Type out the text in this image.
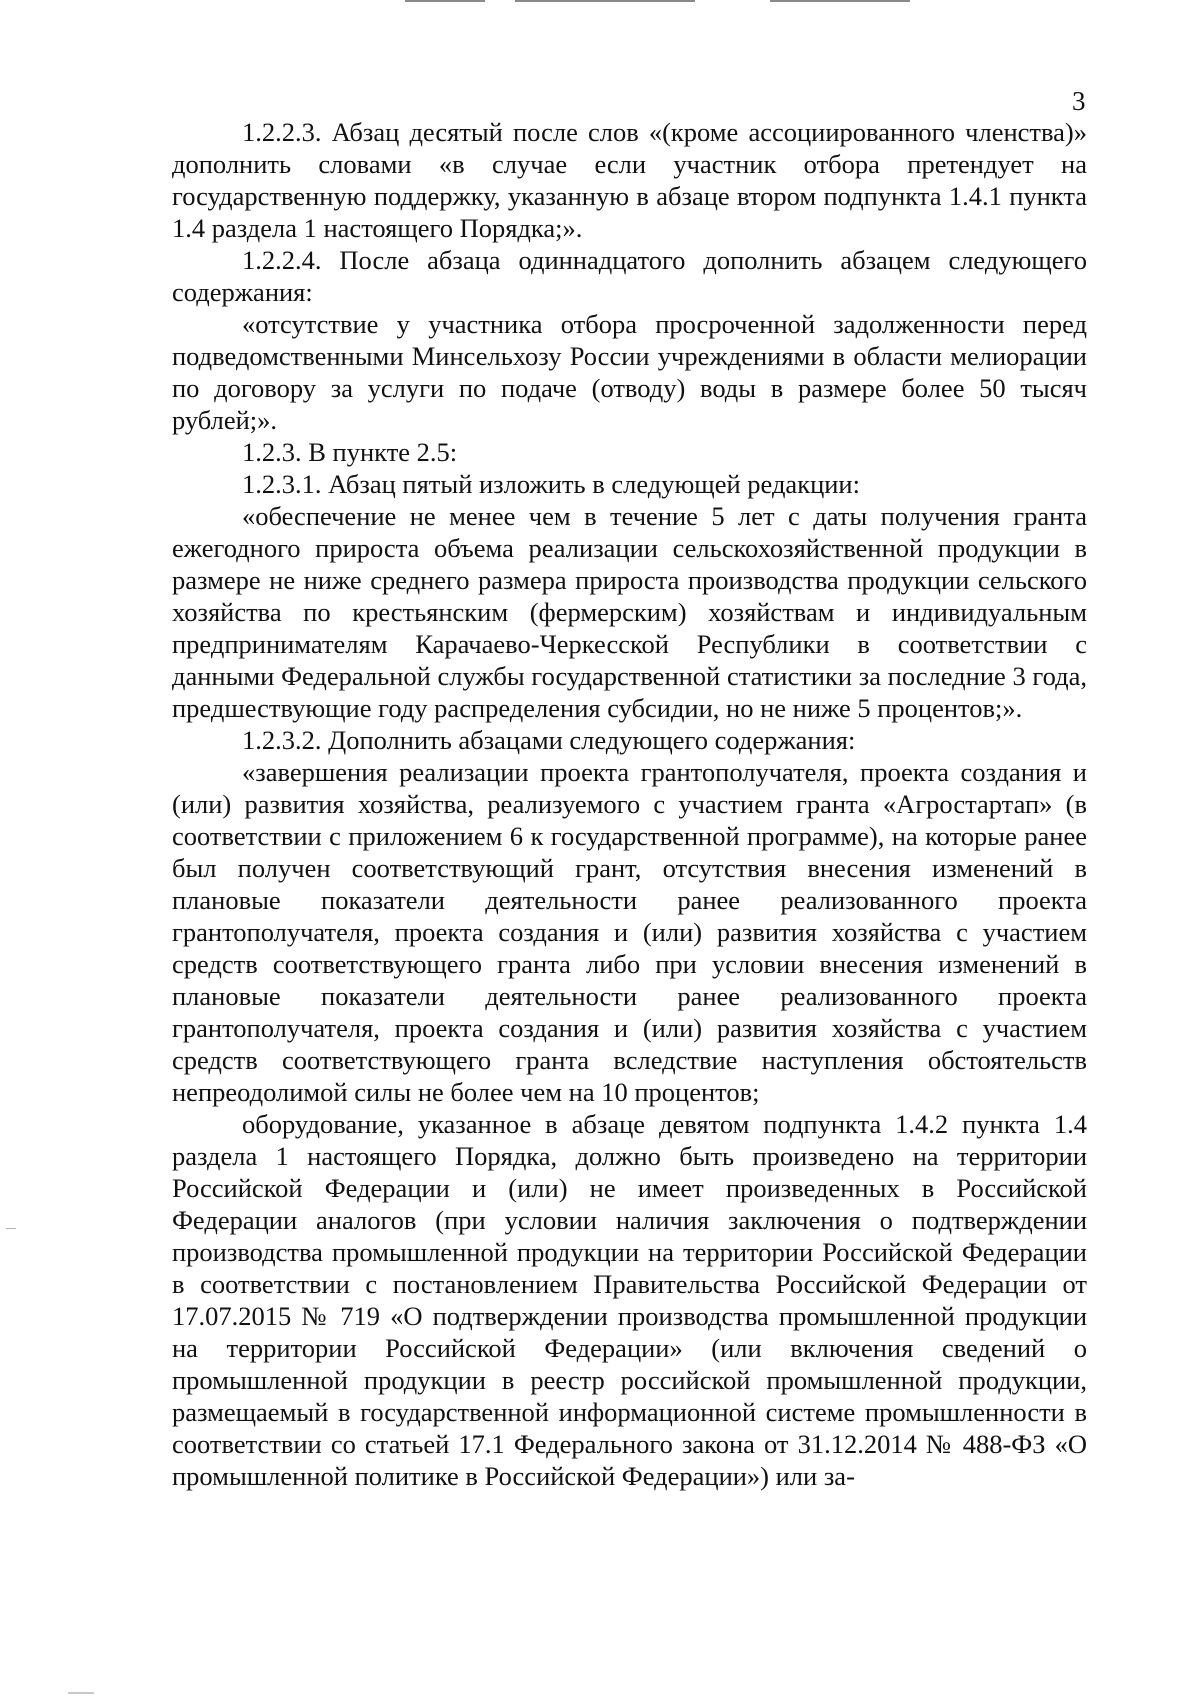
3

1.2.2.3. Абзац десятый после слов «(кроме ассоциированного членства)» дополнить словами «в случае если участник отбора претендует на государственную поддержку, указанную в абзаце втором подпункта 1.4.1 пункта 1.4 раздела 1 настоящего Порядка;».

1.2.2.4. После абзаца одиннадцатого дополнить абзацем следующего содержания:

«отсутствие у участника отбора просроченной задолженности перед подведомственными Минсельхозу России учреждениями в области мелиорации по договору за услуги по подаче (отводу) воды в размере более 50 тысяч рублей;».

1.2.3. В пункте 2.5:

1.2.3.1. Абзац пятый изложить в следующей редакции:

«обеспечение не менее чем в течение 5 лет с даты получения гранта ежегодного прироста объема реализации сельскохозяйственной продукции в размере не ниже среднего размера прироста производства продукции сельского хозяйства по крестьянским (фермерским) хозяйствам и индивидуальным предпринимателям Карачаево-Черкесской Республики в соответствии с данными Федеральной службы государственной статистики за последние 3 года, предшествующие году распределения субсидии, но не ниже 5 процентов;».

1.2.3.2. Дополнить абзацами следующего содержания:

«завершения реализации проекта грантополучателя, проекта создания и (или) развития хозяйства, реализуемого с участием гранта «Агростартап» (в соответствии с приложением 6 к государственной программе), на которые ранее был получен соответствующий грант, отсутствия внесения изменений в плановые показатели деятельности ранее реализованного проекта грантополучателя, проекта создания и (или) развития хозяйства с участием средств соответствующего гранта либо при условии внесения изменений в плановые показатели деятельности ранее реализованного проекта грантополучателя, проекта создания и (или) развития хозяйства с участием средств соответствующего гранта вследствие наступления обстоятельств непреодолимой силы не более чем на 10 процентов;

оборудование, указанное в абзаце девятом подпункта 1.4.2 пункта 1.4 раздела 1 настоящего Порядка, должно быть произведено на территории Российской Федерации и (или) не имеет произведенных в Российской Федерации аналогов (при условии наличия заключения о подтверждении производства промышленной продукции на территории Российской Федерации в соответствии с постановлением Правительства Российской Федерации от 17.07.2015 № 719 «О подтверждении производства промышленной продукции на территории Российской Федерации» (или включения сведений о промышленной продукции в реестр российской промышленной продукции, размещаемый в государственной информационной системе промышленности в соответствии со статьей 17.1 Федерального закона от 31.12.2014 № 488-ФЗ «О промышленной политике в Российской Федерации») или за-
